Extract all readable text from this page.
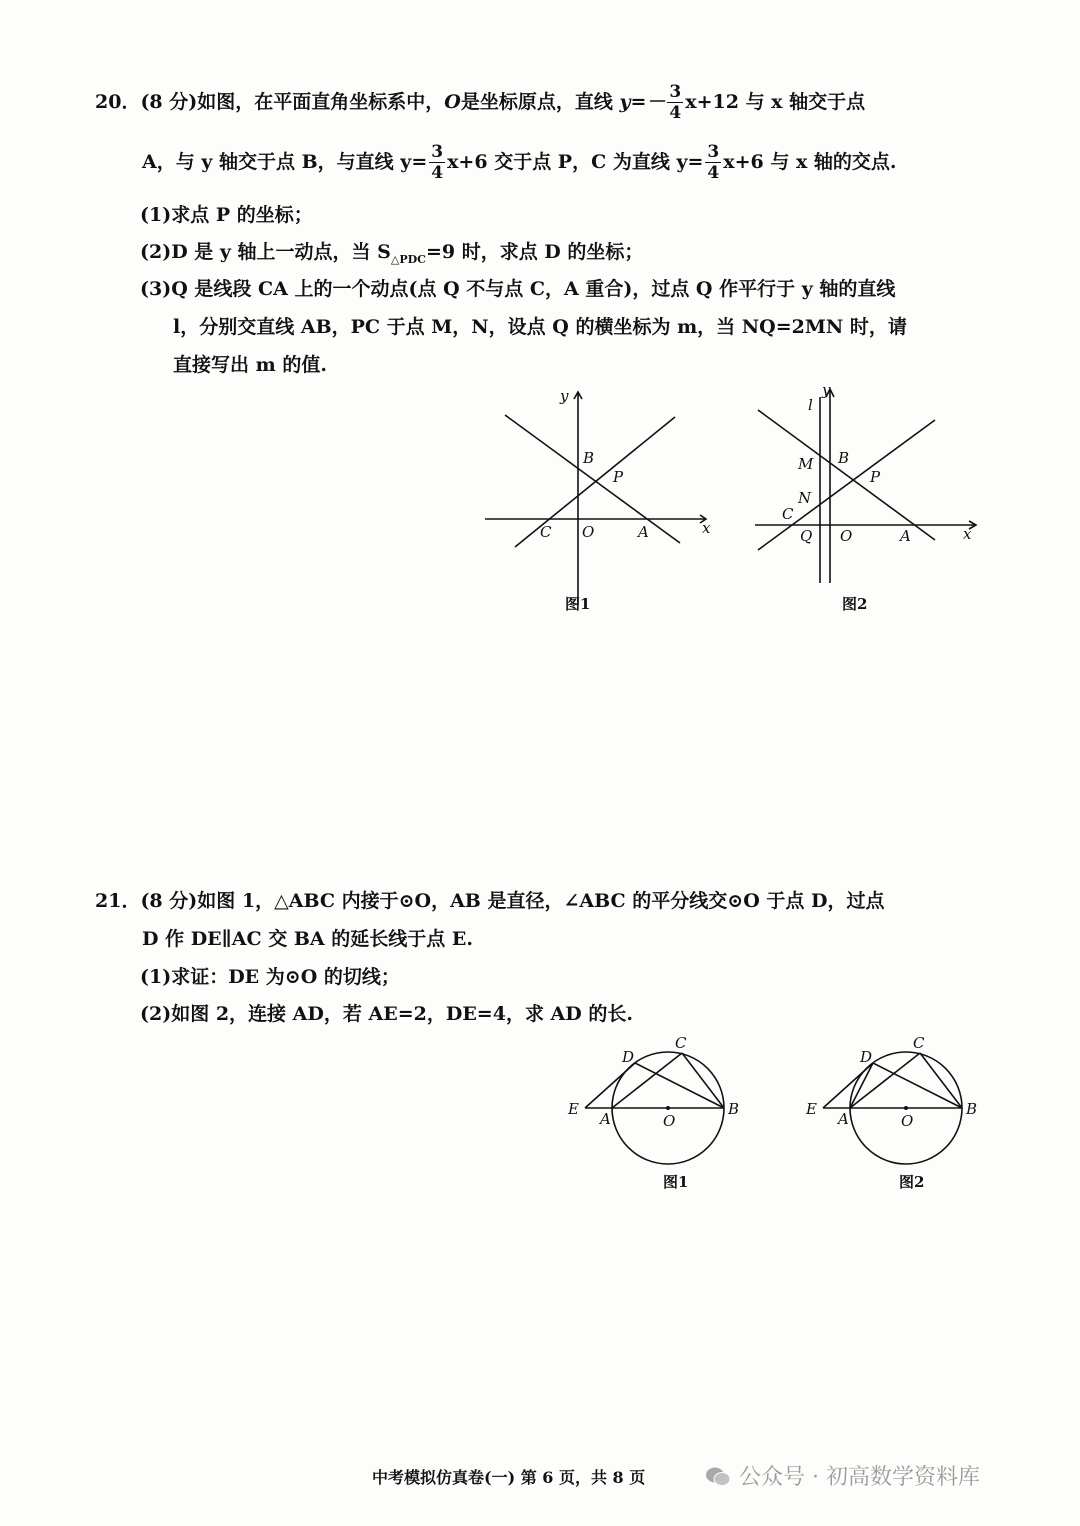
20．(8 分)如图，在平面直角坐标系中，O是坐标原点，直线 $y=- \frac{3}{4} x+12$ 与 x 轴交于点
A，与 y 轴交于点 B，与直线 $y= \frac{3}{4} x+6$ 交于点 P，C 为直线 $y= \frac{3}{4} x+6$ 与 x 轴的交点.
(1)求点 P 的坐标；
(2)D 是 y 轴上一动点，当 $S_{\triangle PDC}=9$ 时，求点 D 的坐标；
(3)Q 是线段 CA 上的一个动点(点 Q 不与点 C，A 重合)，过点 Q 作平行于 y 轴的直线
l，分别交直线 AB，PC 于点 M，N，设点 Q 的横坐标为 m，当 NQ=2MN 时，请
直接写出 m 的值.
y
x
B
P
C O	A
图1
y
l
x
M B
P
N
C
Q O	A
图2
21．(8 分)如图 1，△ABC 内接于⊙O，AB 是直径，∠ABC 的平分线交⊙O 于点 D，过点
D 作 DE∥AC 交 BA 的延长线于点 E.
(1)求证：DE 为⊙O 的切线；
(2)如图 2，连接 AD，若 AE=2，DE=4，求 AD 的长.
D
C
E
A	O
B
图1
D
C
E
A	O
B
图2
中考模拟仿真卷(一) 第 6 页，共 8 页	公众号 · 初高数学资料库
